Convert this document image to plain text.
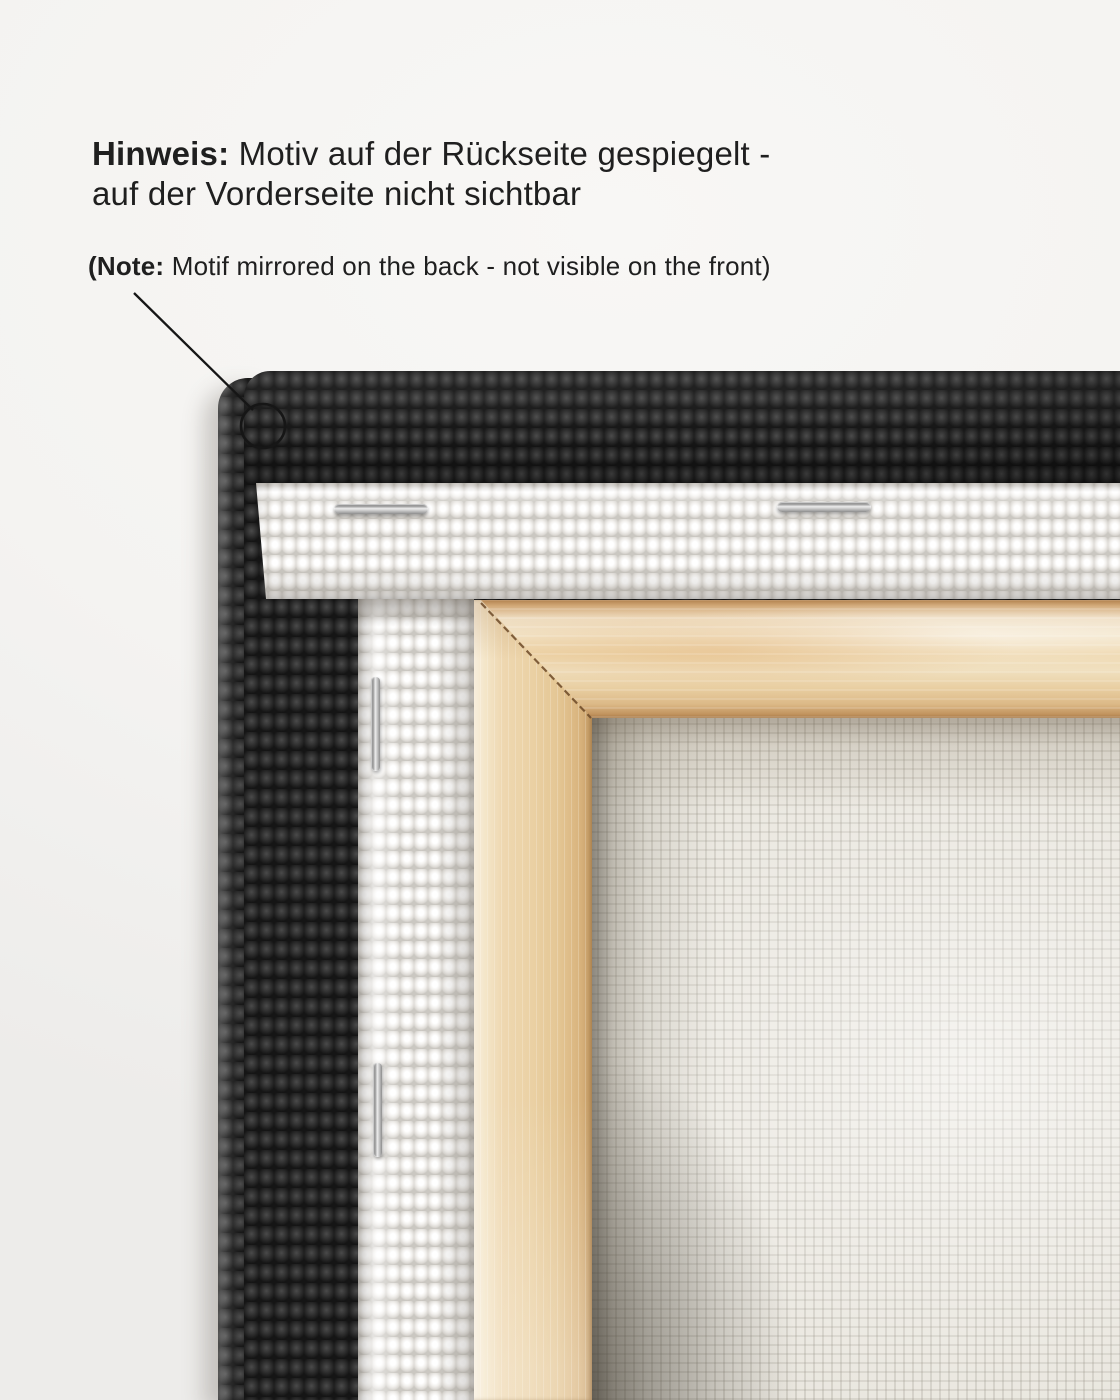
Hinweis: Motiv auf der Rückseite gespiegelt -
auf der Vorderseite nicht sichtbar
(Note: Motif mirrored on the back - not visible on the front)
